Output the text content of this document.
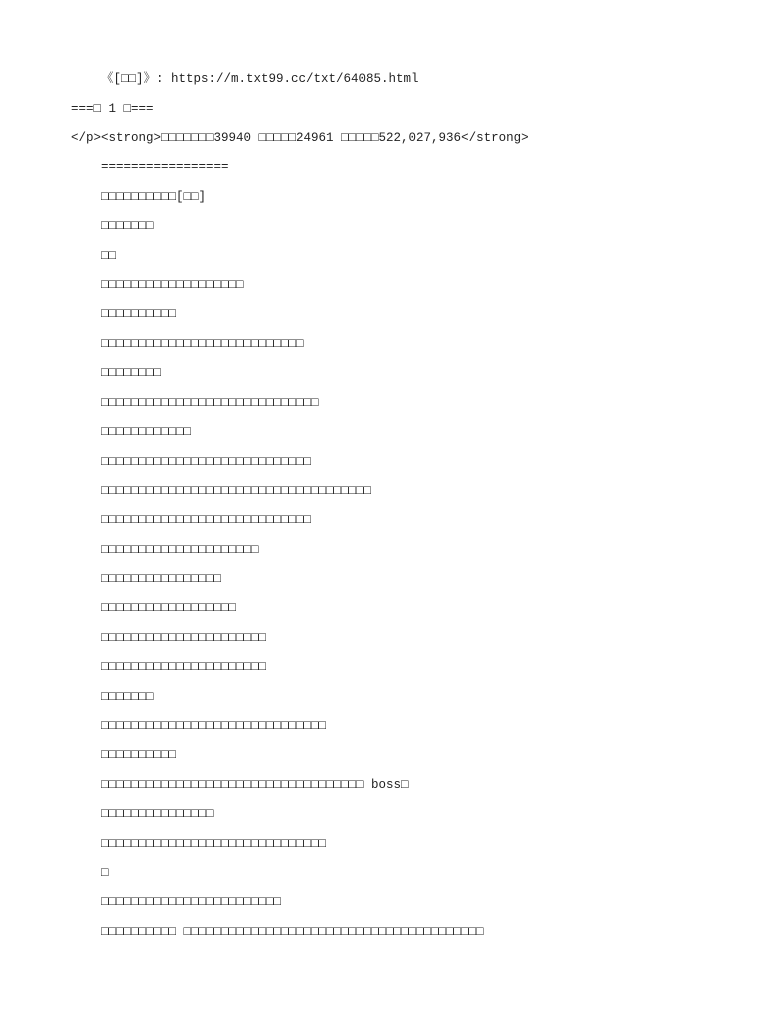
《[□□]》: https://m.txt99.cc/txt/64085.html
===□ 1 □===
</p><strong>□□□□□□□39940 □□□□□24961 □□□□□522,027,936</strong>
=================
□□□□□□□□□□[□□]
□□□□□□□
□□
□□□□□□□□□□□□□□□□□□□
□□□□□□□□□□
□□□□□□□□□□□□□□□□□□□□□□□□□□□
□□□□□□□□
□□□□□□□□□□□□□□□□□□□□□□□□□□□□□
□□□□□□□□□□□□
□□□□□□□□□□□□□□□□□□□□□□□□□□□□
□□□□□□□□□□□□□□□□□□□□□□□□□□□□□□□□□□□□
□□□□□□□□□□□□□□□□□□□□□□□□□□□□
□□□□□□□□□□□□□□□□□□□□□
□□□□□□□□□□□□□□□□
□□□□□□□□□□□□□□□□□□
□□□□□□□□□□□□□□□□□□□□□□
□□□□□□□□□□□□□□□□□□□□□□
□□□□□□□
□□□□□□□□□□□□□□□□□□□□□□□□□□□□□□
□□□□□□□□□□
□□□□□□□□□□□□□□□□□□□□□□□□□□□□□□□□□□□ boss□
□□□□□□□□□□□□□□□
□□□□□□□□□□□□□□□□□□□□□□□□□□□□□□
□
□□□□□□□□□□□□□□□□□□□□□□□□
□□□□□□□□□□ □□□□□□□□□□□□□□□□□□□□□□□□□□□□□□□□□□□□□□□□
